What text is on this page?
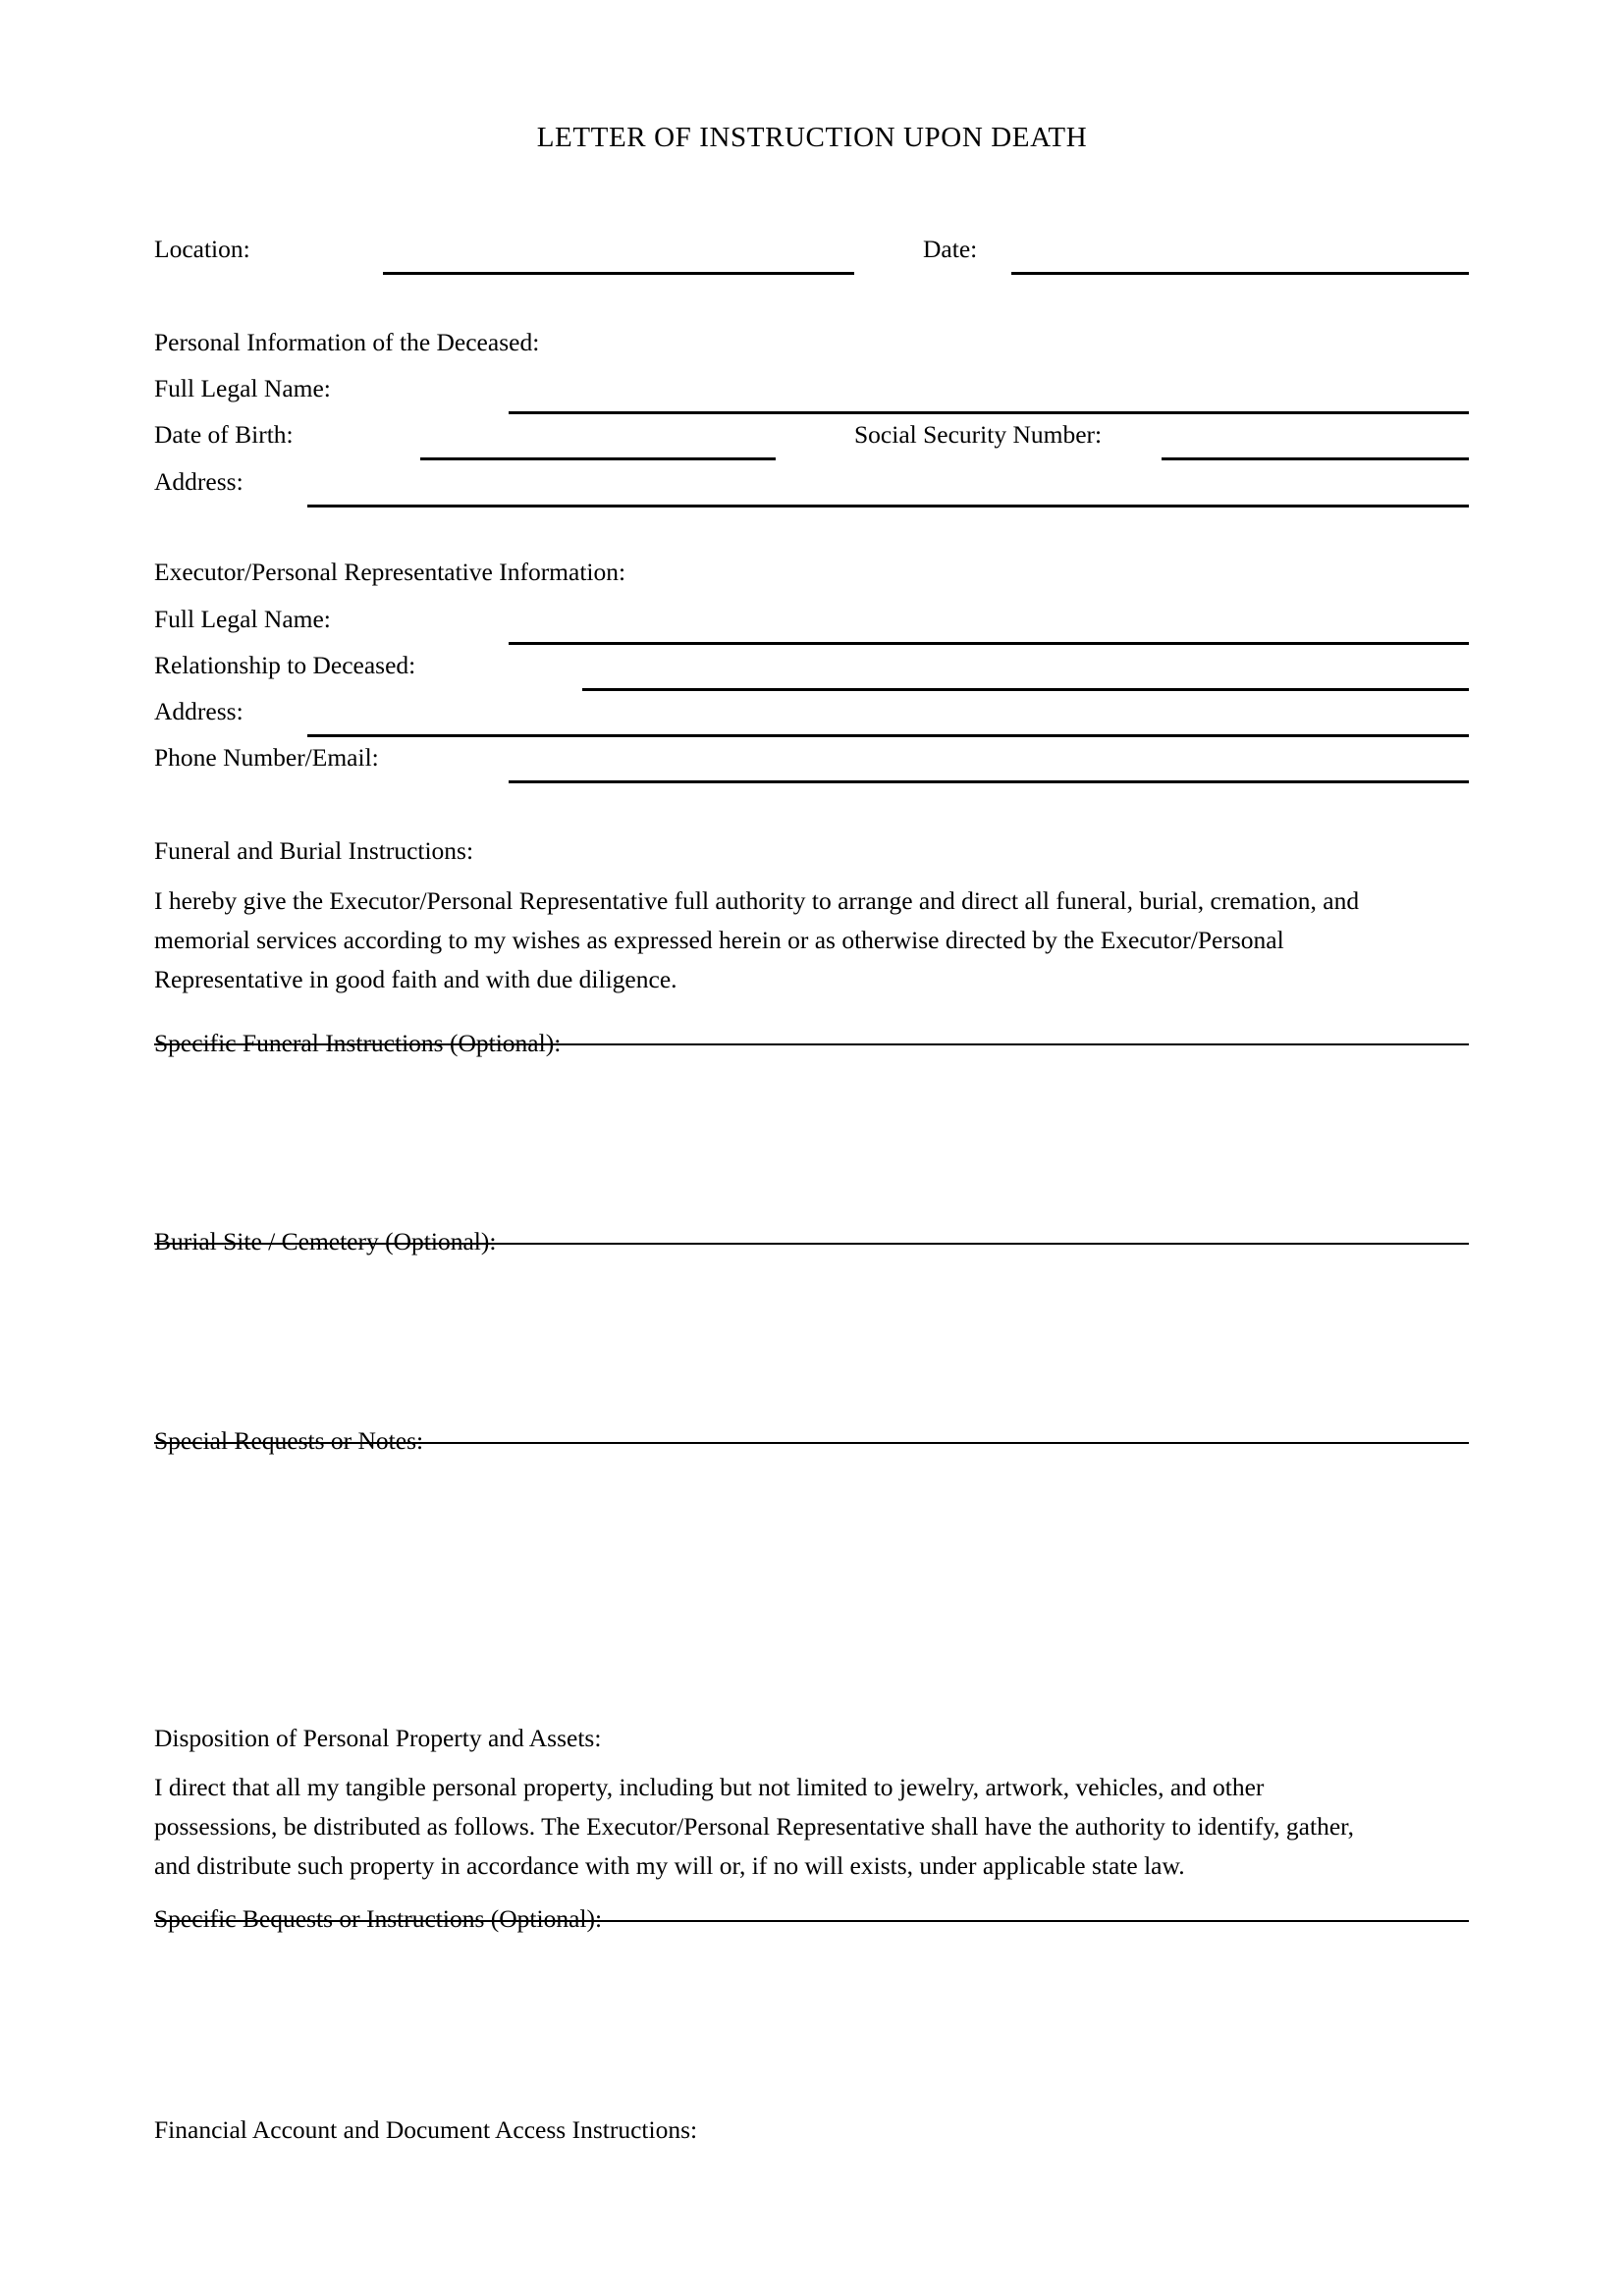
LETTER OF INSTRUCTION UPON DEATH
Location:	Date:
Personal Information of the Deceased:
Full Legal Name:
Date of Birth:	Social Security Number:
Address:
Executor/Personal Representative Information:
Full Legal Name:
Relationship to Deceased:
Address:
Phone Number/Email:
Funeral and Burial Instructions:
I hereby give the Executor/Personal Representative full authority to arrange and direct all funeral, burial, cremation, and
memorial services according to my wishes as expressed herein or as otherwise directed by the Executor/Personal
Representative in good faith and with due diligence.
Specific Funeral Instructions (Optional):
Burial Site / Cemetery (Optional):
Special Requests or Notes:
Disposition of Personal Property and Assets:
I direct that all my tangible personal property, including but not limited to jewelry, artwork, vehicles, and other
possessions, be distributed as follows. The Executor/Personal Representative shall have the authority to identify, gather,
and distribute such property in accordance with my will or, if no will exists, under applicable state law.
Specific Bequests or Instructions (Optional):
Financial Account and Document Access Instructions:
